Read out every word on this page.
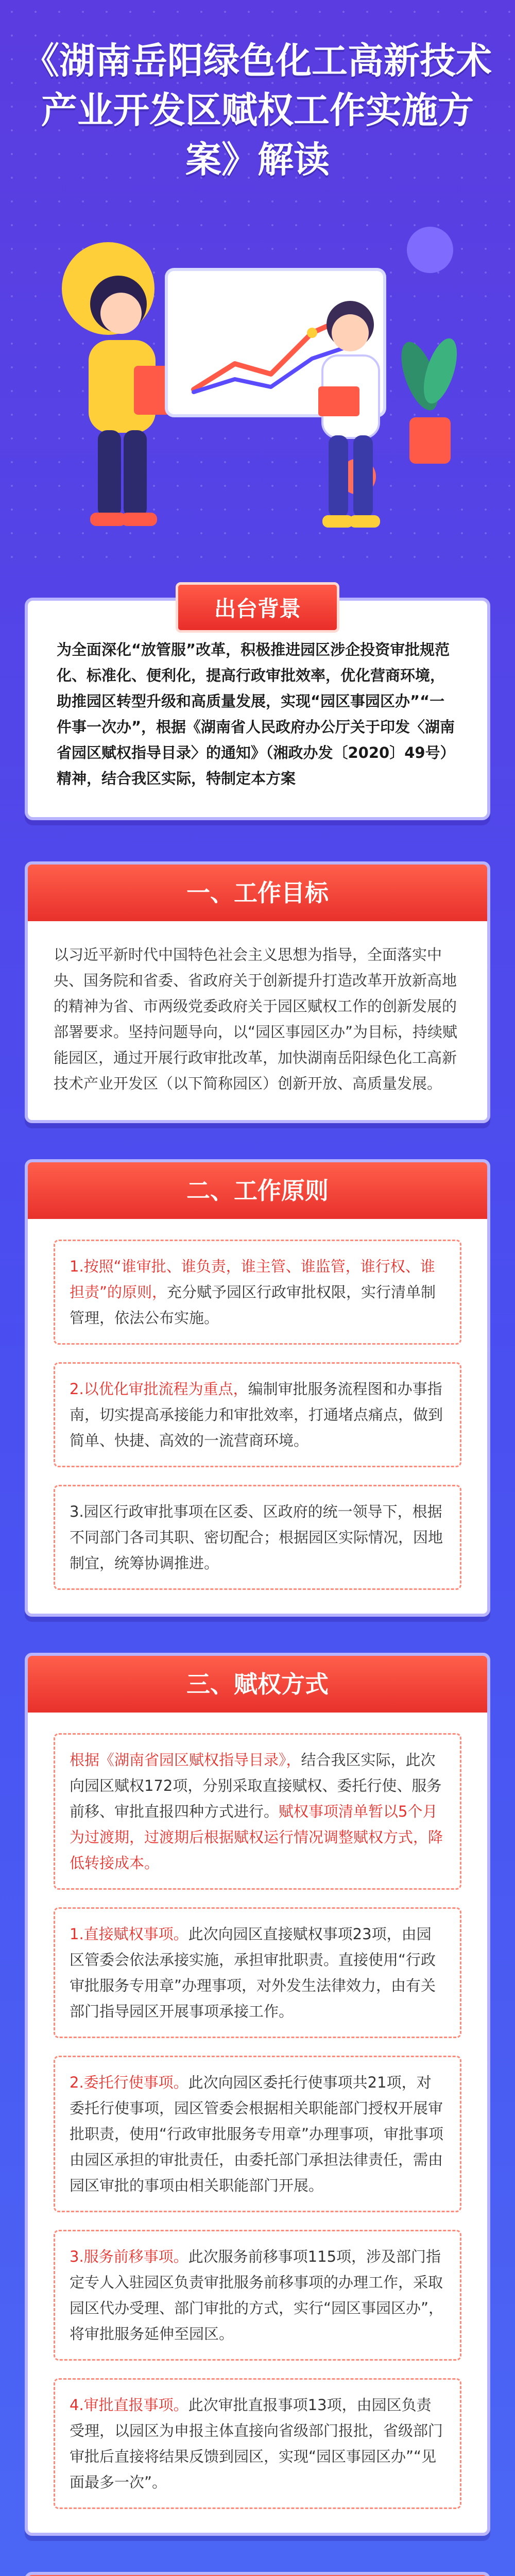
《湖南岳阳绿色化工高新技术产业开发区赋权工作实施方案》解读
出台背景

为全面深化“放管服”改革，积极推进园区涉企投资审批规范化、标准化、便利化，提高行政审批效率，优化营商环境，助推园区转型升级和高质量发展，实现“园区事园区办”“一件事一次办”，根据《湖南省人民政府办公厅关于印发〈湖南省园区赋权指导目录〉的通知》（湘政办发〔2020〕49号）精神，结合我区实际，特制定本方案

一、工作目标

以习近平新时代中国特色社会主义思想为指导，全面落实中央、国务院和省委、省政府关于创新提升打造改革开放新高地的精神为省、市两级党委政府关于园区赋权工作的创新发展的部署要求。坚持问题导向，以“园区事园区办”为目标，持续赋能园区，通过开展行政审批改革，加快湖南岳阳绿色化工高新技术产业开发区（以下简称园区）创新开放、高质量发展。

二、工作原则

1.按照“谁审批、谁负责，谁主管、谁监管，谁行权、谁担责”的原则，充分赋予园区行政审批权限，实行清单制管理，依法公布实施。

2.以优化审批流程为重点，编制审批服务流程图和办事指南，切实提高承接能力和审批效率，打通堵点痛点，做到简单、快捷、高效的一流营商环境。

3.园区行政审批事项在区委、区政府的统一领导下，根据不同部门各司其职、密切配合；根据园区实际情况，因地制宜，统筹协调推进。

三、赋权方式

根据《湖南省园区赋权指导目录》，结合我区实际，此次向园区赋权172项，分别采取直接赋权、委托行使、服务前移、审批直报四种方式进行。赋权事项清单暂以5个月为过渡期，过渡期后根据赋权运行情况调整赋权方式，降低转接成本。

1.直接赋权事项。此次向园区直接赋权事项23项，由园区管委会依法承接实施，承担审批职责。直接使用“行政审批服务专用章”办理事项，对外发生法律效力，由有关部门指导园区开展事项承接工作。

2.委托行使事项。此次向园区委托行使事项共21项，对委托行使事项，园区管委会根据相关职能部门授权开展审批职责，使用“行政审批服务专用章”办理事项，审批事项由园区承担的审批责任，由委托部门承担法律责任，需由园区审批的事项由相关职能部门开展。

3.服务前移事项。此次服务前移事项115项，涉及部门指定专人入驻园区负责审批服务前移事项的办理工作，采取园区代办受理、部门审批的方式，实行“园区事园区办”，将审批服务延伸至园区。

4.审批直报事项。此次审批直报事项13项，由园区负责受理，以园区为申报主体直接向省级部门报批，省级部门审批后直接将结果反馈到园区，实现“园区事园区办”“见面最多一次”。
